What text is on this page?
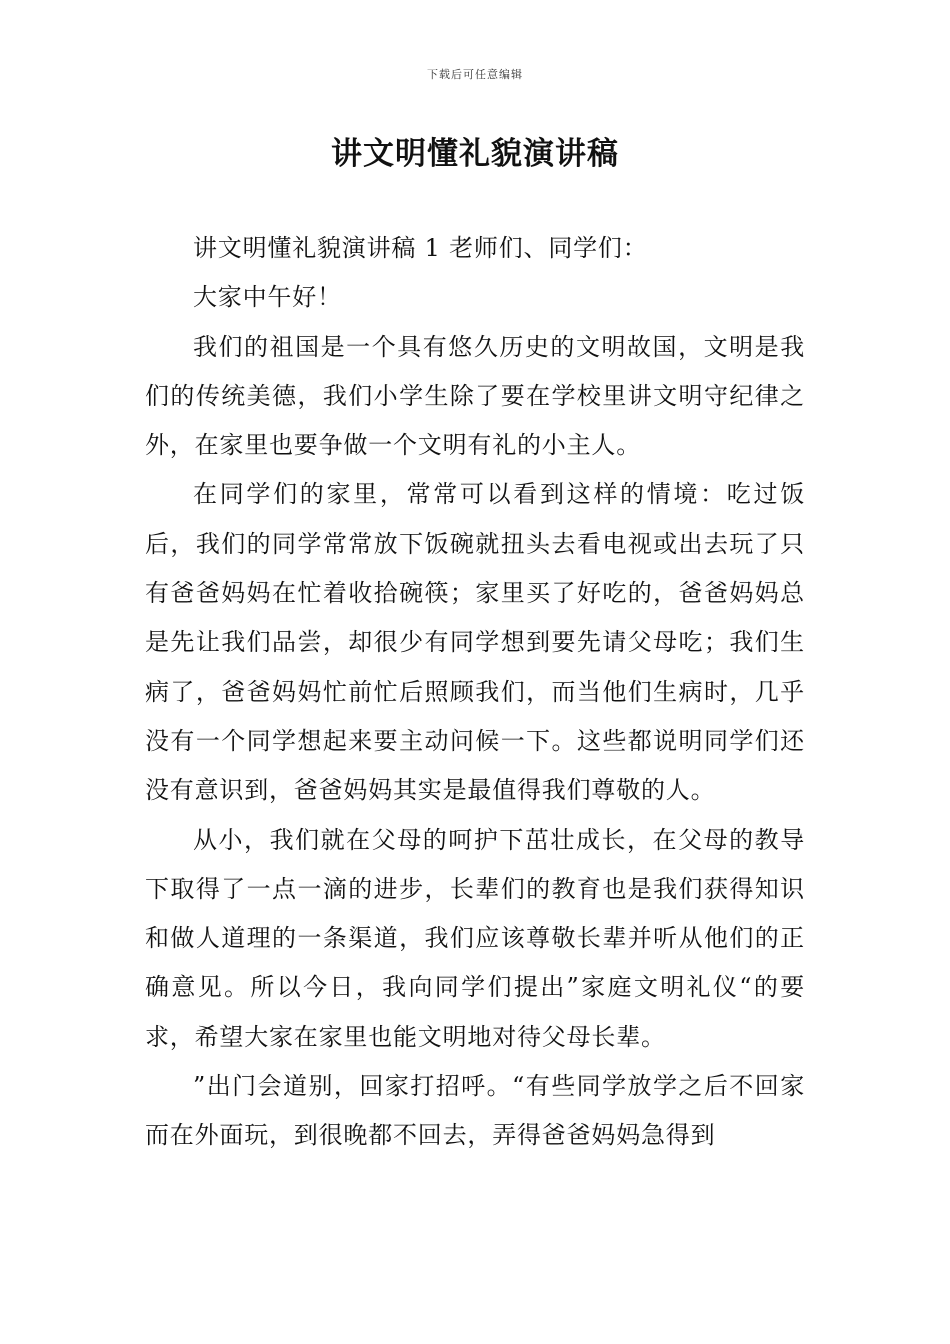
下载后可任意编辑
讲文明懂礼貌演讲稿

讲文明懂礼貌演讲稿 1 老师们、同学们：

大家中午好！

我们的祖国是一个具有悠久历史的文明故国，文明是我们的传统美德，我们小学生除了要在学校里讲文明守纪律之外，在家里也要争做一个文明有礼的小主人。

在同学们的家里，常常可以看到这样的情境：吃过饭后，我们的同学常常放下饭碗就扭头去看电视或出去玩了只有爸爸妈妈在忙着收拾碗筷；家里买了好吃的，爸爸妈妈总是先让我们品尝，却很少有同学想到要先请父母吃；我们生病了，爸爸妈妈忙前忙后照顾我们，而当他们生病时，几乎没有一个同学想起来要主动问候一下。这些都说明同学们还没有意识到，爸爸妈妈其实是最值得我们尊敬的人。

从小，我们就在父母的呵护下茁壮成长，在父母的教导下取得了一点一滴的进步，长辈们的教育也是我们获得知识和做人道理的一条渠道，我们应该尊敬长辈并听从他们的正确意见。所以今日，我向同学们提出”家庭文明礼仪“的要求，希望大家在家里也能文明地对待父母长辈。

”出门会道别，回家打招呼。“有些同学放学之后不回家而在外面玩，到很晚都不回去，弄得爸爸妈妈急得到
